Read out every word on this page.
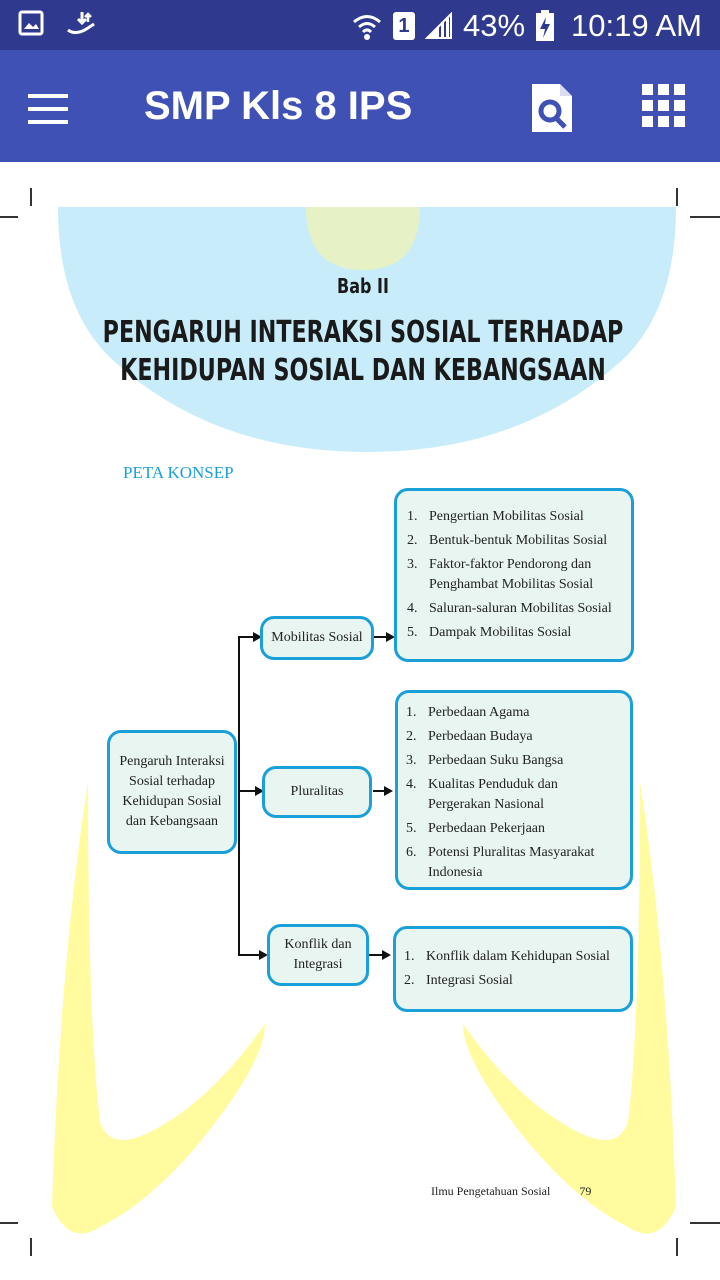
1 43% 10:19 AM
SMP Kls 8 IPS
Bab II
PENGARUH INTERAKSI SOSIAL TERHADAP
KEHIDUPAN SOSIAL DAN KEBANGSAAN
PETA KONSEP
Pengaruh Interaksi
Sosial terhadap
Kehidupan Sosial
dan Kebangsaan
Mobilitas Sosial
Pluralitas
Konflik dan
Integrasi
1. Pengertian Mobilitas Sosial
2. Bentuk-bentuk Mobilitas Sosial
3. Faktor-faktor Pendorong dan
Penghambat Mobilitas Sosial
4. Saluran-saluran Mobilitas Sosial
5. Dampak Mobilitas Sosial
1. Perbedaan Agama
2. Perbedaan Budaya
3. Perbedaan Suku Bangsa
4. Kualitas Penduduk dan
Pergerakan Nasional
5. Perbedaan Pekerjaan
6. Potensi Pluralitas Masyarakat
Indonesia
1. Konflik dalam Kehidupan Sosial
2. Integrasi Sosial
Ilmu Pengetahuan Sosial 79
